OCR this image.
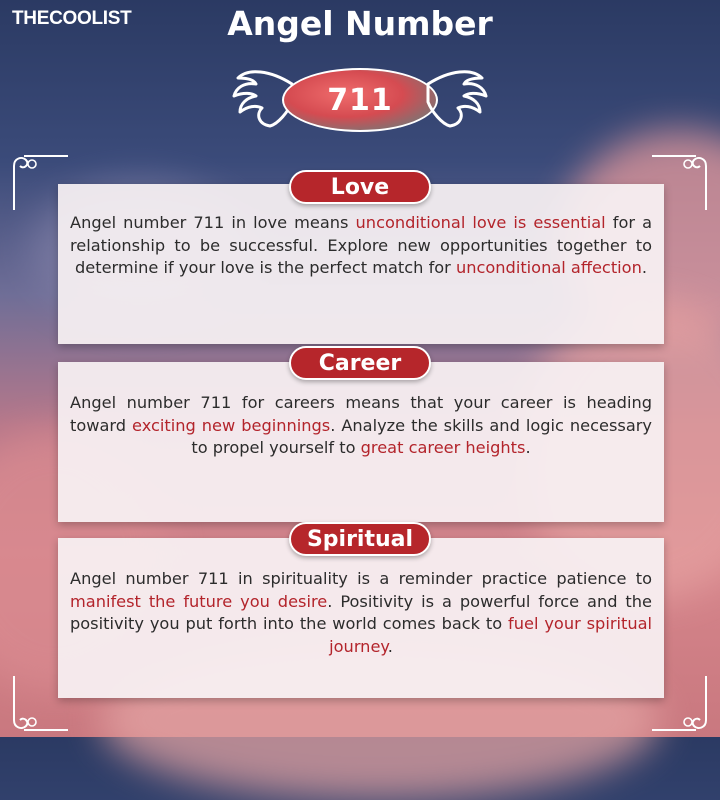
THECOOLIST	Angel Number
711

Angel number 711 in love means unconditional love is essential for a relationship to be successful. Explore new opportunities together to determine if your love is the perfect match for unconditional affection.

Love

Angel number 711 for careers means that your career is heading toward exciting new beginnings. Analyze the skills and logic necessary to propel yourself to great career heights.

Career

Angel number 711 in spirituality is a reminder practice patience to manifest the future you desire. Positivity is a powerful force and the positivity you put forth into the world comes back to fuel your spiritual journey.

Spiritual
